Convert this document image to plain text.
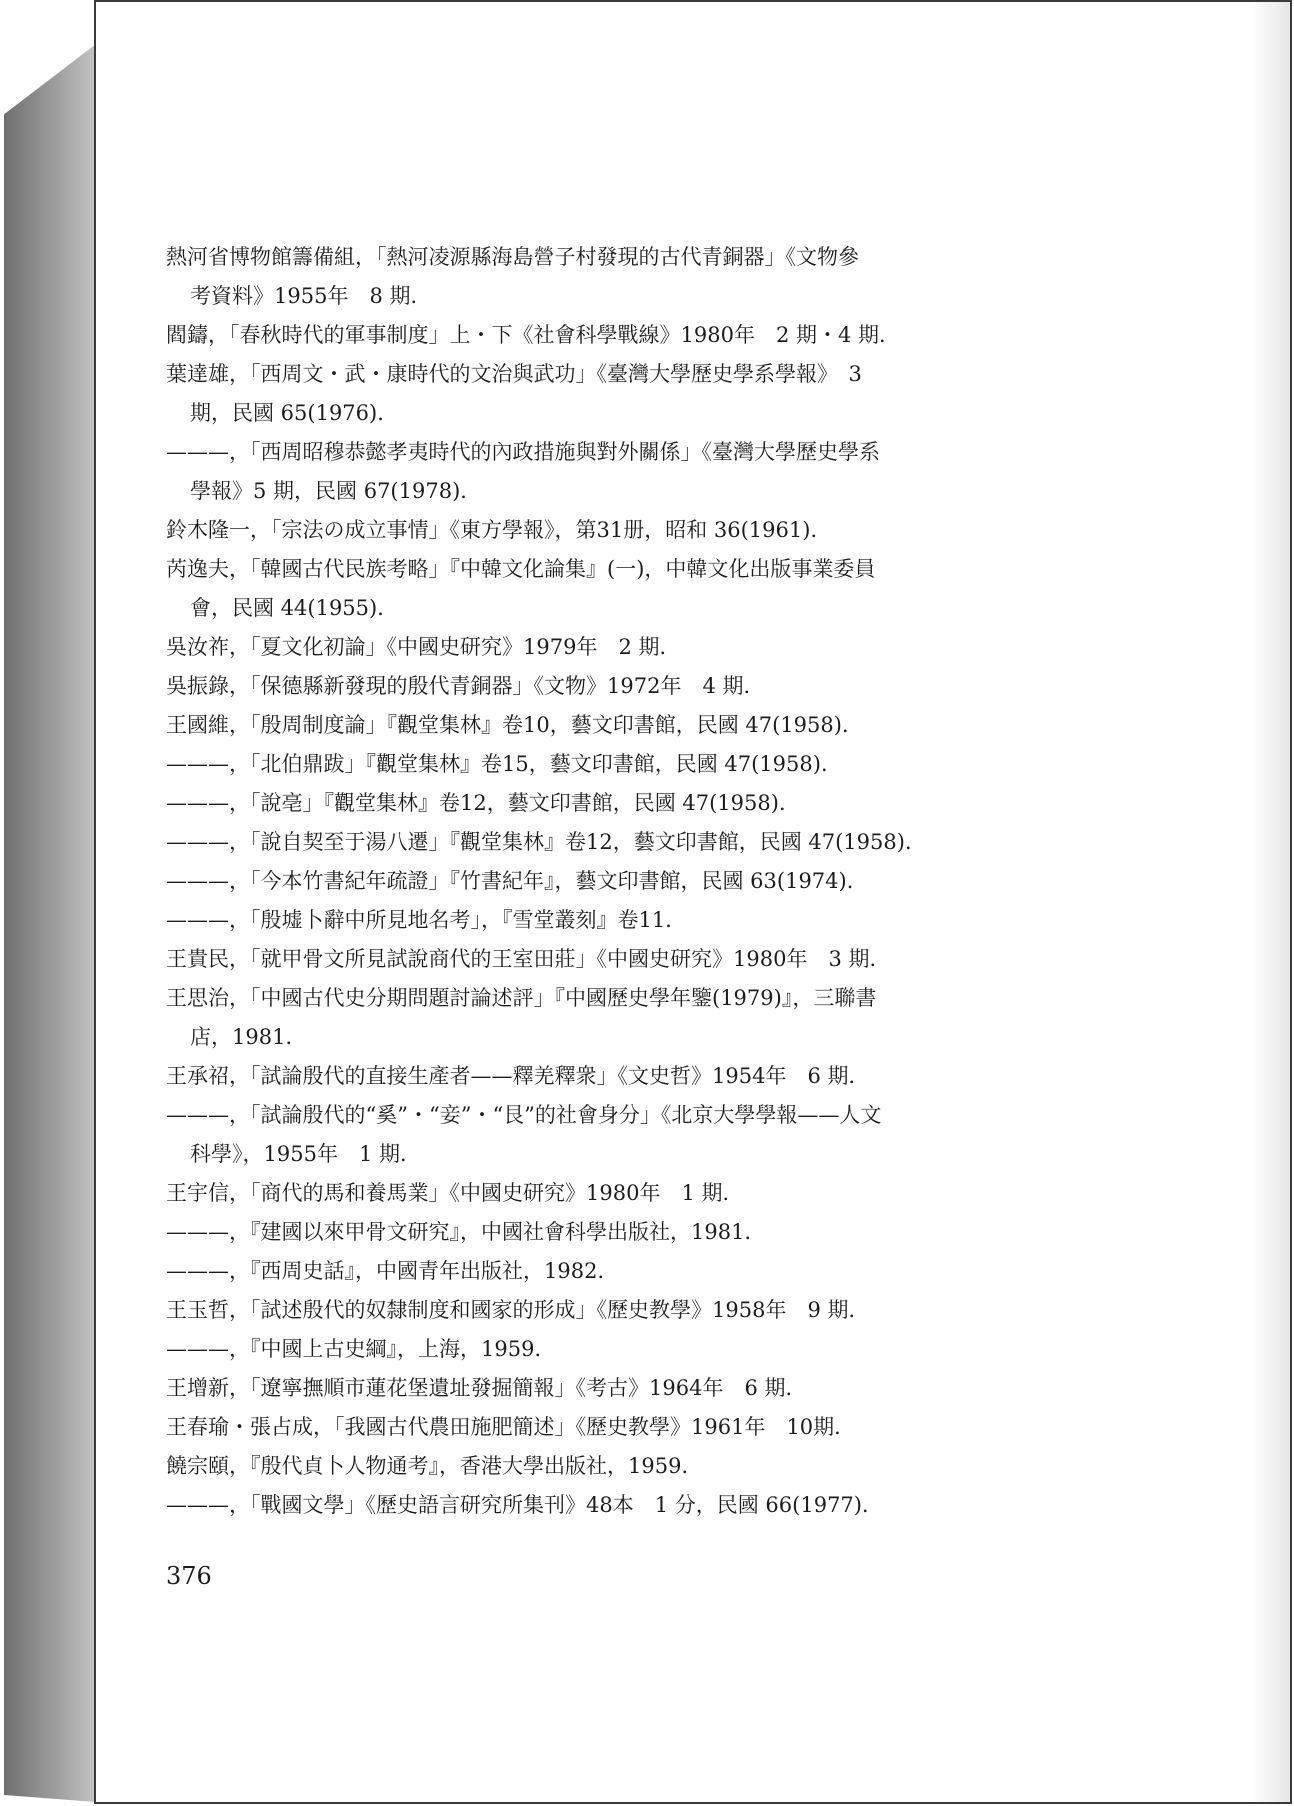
熱河省博物館籌備組，「熱河凌源縣海島營子村發現的古代青銅器」《文物參
考資料》1955年　8 期．
閻鑄，「春秋時代的軍事制度」上・下《社會科學戰線》1980年　2 期・4 期．
葉達雄，「西周文・武・康時代的文治與武功」《臺灣大學歷史學系學報》　3
期，民國 65(1976)．
———，「西周昭穆恭懿孝夷時代的內政措施與對外關係」《臺灣大學歷史學系
學報》5 期，民國 67(1978)．
鈴木隆一，「宗法の成立事情」《東方學報》，第31册，昭和 36(1961)．
芮逸夫，「韓國古代民族考略」『中韓文化論集』(一)，中韓文化出版事業委員
會，民國 44(1955)．
吳汝祚，「夏文化初論」《中國史研究》1979年　2 期．
吳振錄，「保德縣新發現的殷代青銅器」《文物》1972年　4 期．
王國維，「殷周制度論」『觀堂集林』卷10，藝文印書館，民國 47(1958)．
———，「北伯鼎跋」『觀堂集林』卷15，藝文印書館，民國 47(1958)．
———，「說亳」『觀堂集林』卷12，藝文印書館，民國 47(1958)．
———，「說自契至于湯八遷」『觀堂集林』卷12，藝文印書館，民國 47(1958)．
———，「今本竹書紀年疏證」『竹書紀年』，藝文印書館，民國 63(1974)．
———，「殷墟卜辭中所見地名考」，『雪堂叢刻』卷11．
王貴民，「就甲骨文所見試說商代的王室田莊」《中國史研究》1980年　3 期．
王思治，「中國古代史分期問題討論述評」『中國歷史學年鑒(1979)』，三聯書
店，1981．
王承祒，「試論殷代的直接生產者——釋羌釋衆」《文史哲》1954年　6 期．
———，「試論殷代的“奚”・“妾”・“艮”的社會身分」《北京大學學報——人文
科學》，1955年　1 期．
王宇信，「商代的馬和養馬業」《中國史研究》1980年　1 期．
———，『建國以來甲骨文研究』，中國社會科學出版社，1981．
———，『西周史話』，中國青年出版社，1982．
王玉哲，「試述殷代的奴隸制度和國家的形成」《歷史教學》1958年　9 期．
———，『中國上古史綱』，上海，1959．
王增新，「遼寧撫順市蓮花堡遺址發掘簡報」《考古》1964年　6 期．
王春瑜・張占成，「我國古代農田施肥簡述」《歷史教學》1961年　10期．
饒宗頤，『殷代貞卜人物通考』，香港大學出版社，1959．
———，「戰國文學」《歷史語言研究所集刊》48本　1 分，民國 66(1977)．
376
